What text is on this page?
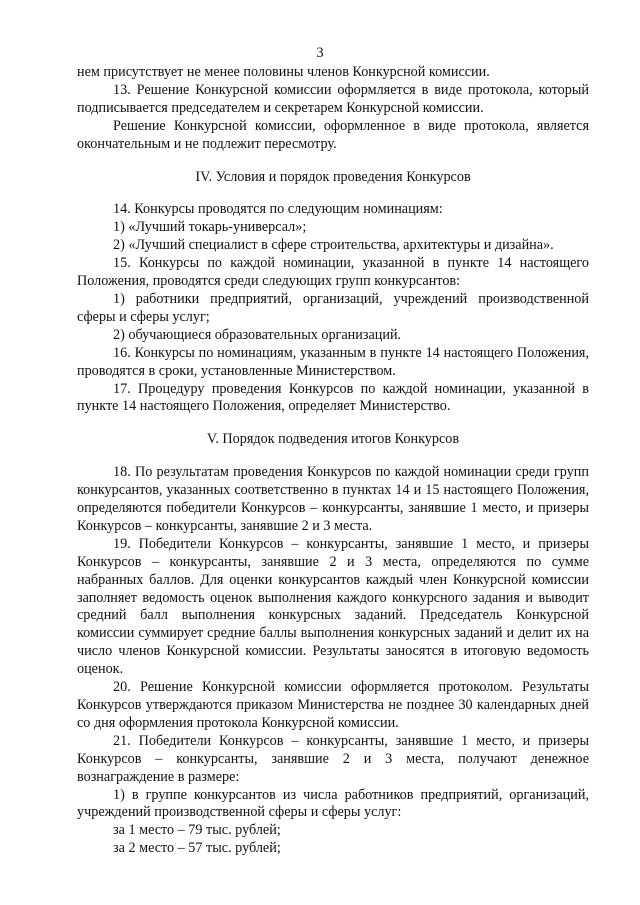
3

нем присутствует не менее половины членов Конкурсной комиссии.

13. Решение Конкурсной комиссии оформляется в виде протокола, который подписывается председателем и секретарем Конкурсной комиссии.

Решение Конкурсной комиссии, оформленное в виде протокола, является окончательным и не подлежит пересмотру.

IV. Условия и порядок проведения Конкурсов

14. Конкурсы проводятся по следующим номинациям:

1) «Лучший токарь-универсал»;

2) «Лучший специалист в сфере строительства, архитектуры и дизайна».

15. Конкурсы по каждой номинации, указанной в пункте 14 настоящего Положения, проводятся среди следующих групп конкурсантов:

1) работники предприятий, организаций, учреждений производственной сферы и сферы услуг;

2) обучающиеся образовательных организаций.

16. Конкурсы по номинациям, указанным в пункте 14 настоящего Положения, проводятся в сроки, установленные Министерством.

17. Процедуру проведения Конкурсов по каждой номинации, указанной в пункте 14 настоящего Положения, определяет Министерство.

V. Порядок подведения итогов Конкурсов

18. По результатам проведения Конкурсов по каждой номинации среди групп конкурсантов, указанных соответственно в пунктах 14 и 15 настоящего Положения, определяются победители Конкурсов – конкурсанты, занявшие 1 место, и призеры Конкурсов – конкурсанты, занявшие 2 и 3 места.

19. Победители Конкурсов – конкурсанты, занявшие 1 место, и призеры Конкурсов – конкурсанты, занявшие 2 и 3 места, определяются по сумме набранных баллов. Для оценки конкурсантов каждый член Конкурсной комиссии заполняет ведомость оценок выполнения каждого конкурсного задания и выводит средний балл выполнения конкурсных заданий. Председатель Конкурсной комиссии суммирует средние баллы выполнения конкурсных заданий и делит их на число членов Конкурсной комиссии. Результаты заносятся в итоговую ведомость оценок.

20. Решение Конкурсной комиссии оформляется протоколом. Результаты Конкурсов утверждаются приказом Министерства не позднее 30 календарных дней со дня оформления протокола Конкурсной комиссии.

21. Победители Конкурсов – конкурсанты, занявшие 1 место, и призеры Конкурсов – конкурсанты, занявшие 2 и 3 места, получают денежное вознаграждение в размере:

1) в группе конкурсантов из числа работников предприятий, организаций, учреждений производственной сферы и сферы услуг:

за 1 место – 79 тыс. рублей;

за 2 место – 57 тыс. рублей;
